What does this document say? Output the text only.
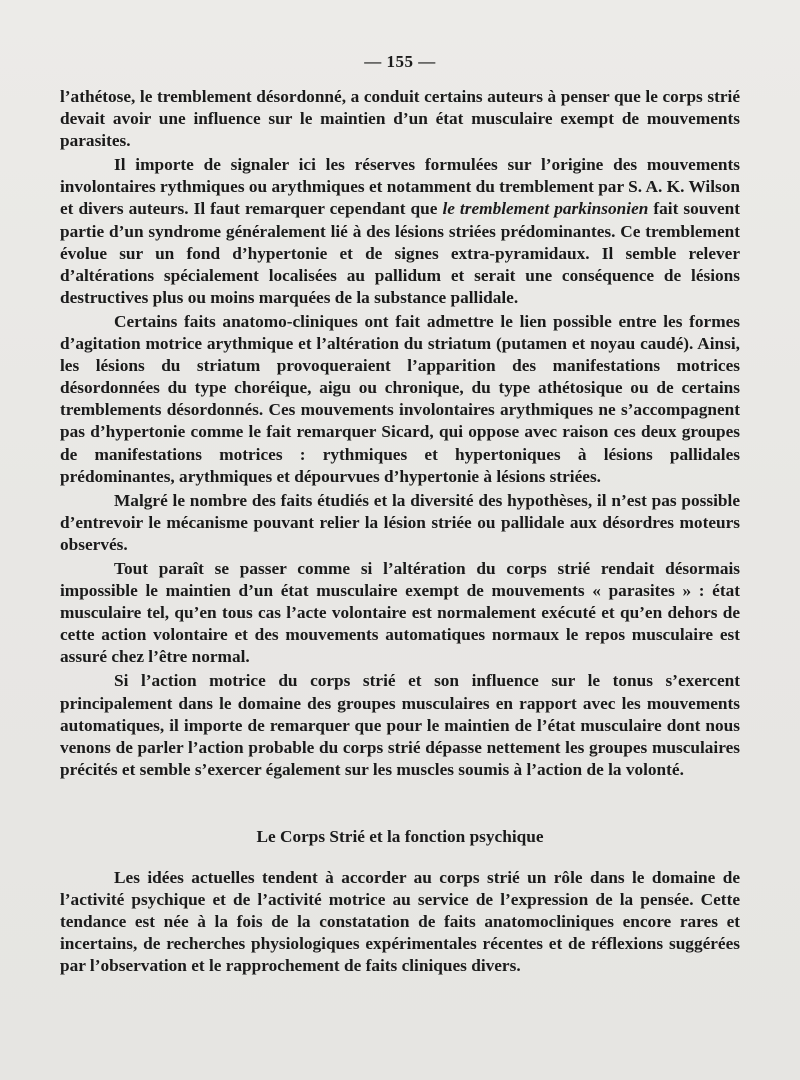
— 155 —

l’athétose, le tremblement désordonné, a conduit certains auteurs à penser que le corps strié devait avoir une influence sur le maintien d’un état musculaire exempt de mouvements parasites.

Il importe de signaler ici les réserves formulées sur l’origine des mouvements involontaires rythmiques ou arythmiques et notamment du tremblement par S. A. K. Wilson et divers auteurs. Il faut remarquer cependant que le tremblement parkinsonien fait souvent partie d’un syndrome généralement lié à des lésions striées prédominantes. Ce tremblement évolue sur un fond d’hypertonie et de signes extra-pyramidaux. Il semble relever d’altérations spécialement localisées au pallidum et serait une conséquence de lésions destructives plus ou moins marquées de la substance pallidale.

Certains faits anatomo-cliniques ont fait admettre le lien possible entre les formes d’agitation motrice arythmique et l’altération du striatum (putamen et noyau caudé). Ainsi, les lésions du striatum provoqueraient l’apparition des manifestations motrices désordonnées du type choréique, aigu ou chronique, du type athétosique ou de certains tremblements désordonnés. Ces mouvements involontaires arythmiques ne s’accompagnent pas d’hypertonie comme le fait remarquer Sicard, qui oppose avec raison ces deux groupes de manifestations motrices : rythmiques et hypertoniques à lésions pallidales prédominantes, arythmiques et dépourvues d’hypertonie à lésions striées.

Malgré le nombre des faits étudiés et la diversité des hypothèses, il n’est pas possible d’entrevoir le mécanisme pouvant relier la lésion striée ou pallidale aux désordres moteurs observés.

Tout paraît se passer comme si l’altération du corps strié rendait désormais impossible le maintien d’un état musculaire exempt de mouvements « parasites » : état musculaire tel, qu’en tous cas l’acte volontaire est normalement exécuté et qu’en dehors de cette action volontaire et des mouvements automatiques normaux le repos musculaire est assuré chez l’être normal.

Si l’action motrice du corps strié et son influence sur le tonus s’exercent principalement dans le domaine des groupes musculaires en rapport avec les mouvements automatiques, il importe de remarquer que pour le maintien de l’état musculaire dont nous venons de parler l’action probable du corps strié dépasse nettement les groupes musculaires précités et semble s’exercer également sur les muscles soumis à l’action de la volonté.

Le Corps Strié et la fonction psychique

Les idées actuelles tendent à accorder au corps strié un rôle dans le domaine de l’activité psychique et de l’activité motrice au service de l’expression de la pensée. Cette tendance est née à la fois de la constatation de faits anatomocliniques encore rares et incertains, de recherches physiologiques expérimentales récentes et de réflexions suggérées par l’observation et le rapprochement de faits cliniques divers.
